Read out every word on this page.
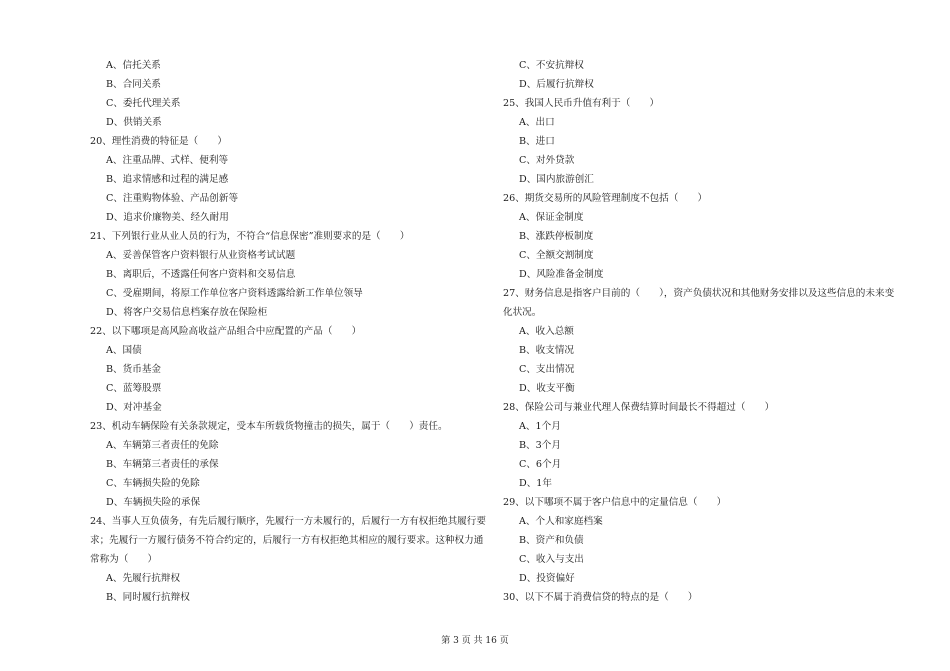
A、信托关系
B、合同关系
C、委托代理关系
D、供销关系
20、理性消费的特征是（　　）
A、注重品牌、式样、便利等
B、追求情感和过程的满足感
C、注重购物体验、产品创新等
D、追求价廉物美、经久耐用
21、下列银行业从业人员的行为，不符合“信息保密”准则要求的是（　　）
A、妥善保管客户资料银行从业资格考试试题
B、离职后，不透露任何客户资料和交易信息
C、受雇期间，将原工作单位客户资料透露给新工作单位领导
D、将客户交易信息档案存放在保险柜
22、以下哪项是高风险高收益产品组合中应配置的产品（　　）
A、国债
B、货币基金
C、蓝筹股票
D、对冲基金
23、机动车辆保险有关条款规定，受本车所载货物撞击的损失，属于（　　）责任。
A、车辆第三者责任的免除
B、车辆第三者责任的承保
C、车辆损失险的免除
D、车辆损失险的承保
24、当事人互负债务，有先后履行顺序，先履行一方未履行的，后履行一方有权拒绝其履行要
求；先履行一方履行债务不符合约定的，后履行一方有权拒绝其相应的履行要求。这种权力通
常称为（　　）
A、先履行抗辩权
B、同时履行抗辩权
C、不安抗辩权
D、后履行抗辩权
25、我国人民币升值有利于（　　）
A、出口
B、进口
C、对外贷款
D、国内旅游创汇
26、期货交易所的风险管理制度不包括（　　）
A、保证金制度
B、涨跌停板制度
C、全额交割制度
D、风险准备金制度
27、财务信息是指客户目前的（　　），资产负债状况和其他财务安排以及这些信息的未来变
化状况。
A、收入总额
B、收支情况
C、支出情况
D、收支平衡
28、保险公司与兼业代理人保费结算时间最长不得超过（　　）
A、1个月
B、3个月
C、6个月
D、1年
29、以下哪项不属于客户信息中的定量信息（　　）
A、个人和家庭档案
B、资产和负债
C、收入与支出
D、投资偏好
30、以下不属于消费信贷的特点的是（　　）
第 3 页 共 16 页
